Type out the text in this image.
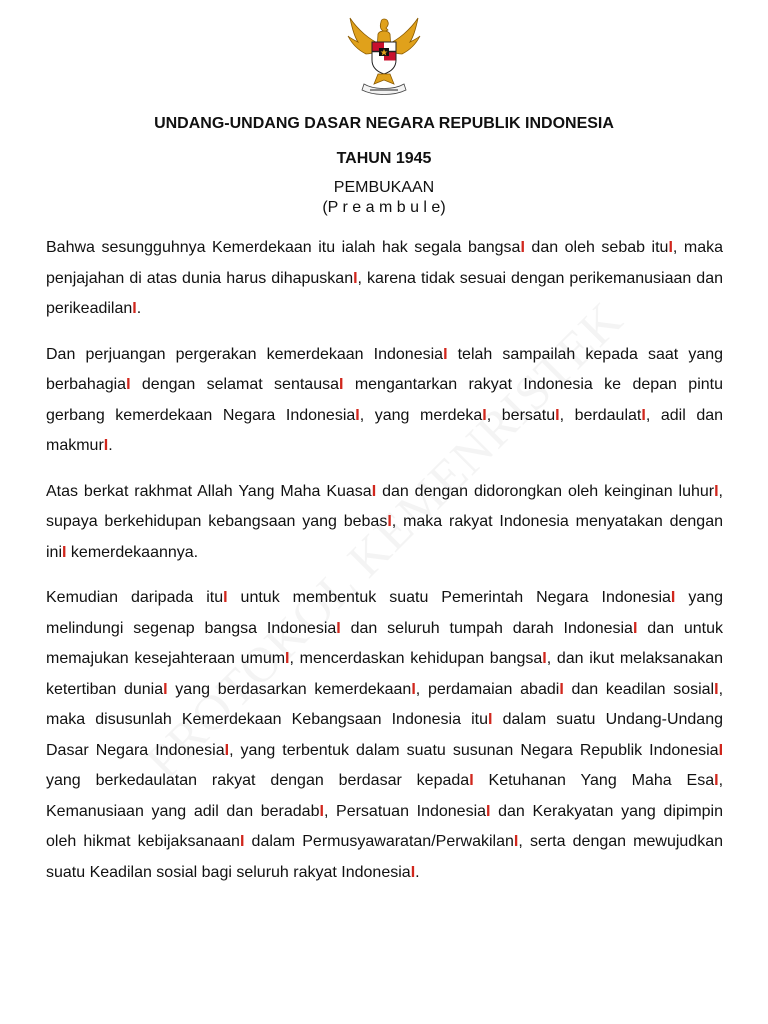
UNDANG-UNDANG DASAR NEGARA REPUBLIK INDONESIA
TAHUN 1945
PEMBUKAAN
(P r e a m b u l e)

Bahwa sesungguhnya Kemerdekaan itu ialah hak segala bangsaI dan oleh sebab ituI, maka penjajahan di atas dunia harus dihapuskanI, karena tidak sesuai dengan perikemanusiaan dan perikeadilanI.

Dan perjuangan pergerakan kemerdekaan IndonesiaI telah sampailah kepada saat yang berbahagiaI dengan selamat sentausaI mengantarkan rakyat Indonesia ke depan pintu gerbang kemerdekaan Negara IndonesiaI, yang merdekaI, bersatuI, berdaulatI, adil dan makmurI.

Atas berkat rakhmat Allah Yang Maha KuasaI dan dengan didorongkan oleh keinginan luhurI, supaya berkehidupan kebangsaan yang bebasI, maka rakyat Indonesia menyatakan dengan iniI kemerdekaannya.

Kemudian daripada ituI untuk membentuk suatu Pemerintah Negara IndonesiaI yang melindungi segenap bangsa IndonesiaI dan seluruh tumpah darah IndonesiaI dan untuk memajukan kesejahteraan umumI, mencerdaskan kehidupan bangsaI, dan ikut melaksanakan ketertiban duniaI yang berdasarkan kemerdekaanI, perdamaian abadiI dan keadilan sosialI, maka disusunlah Kemerdekaan Kebangsaan Indonesia ituI dalam suatu Undang-Undang Dasar Negara IndonesiaI, yang terbentuk dalam suatu susunan Negara Republik IndonesiaI yang berkedaulatan rakyat dengan berdasar kepadaI Ketuhanan Yang Maha EsaI, Kemanusiaan yang adil dan beradabI, Persatuan IndonesiaI dan Kerakyatan yang dipimpin oleh hikmat kebijaksanaanI dalam Permusyawaratan/PerwakilanI, serta dengan mewujudkan suatu Keadilan sosial bagi seluruh rakyat IndonesiaI.
